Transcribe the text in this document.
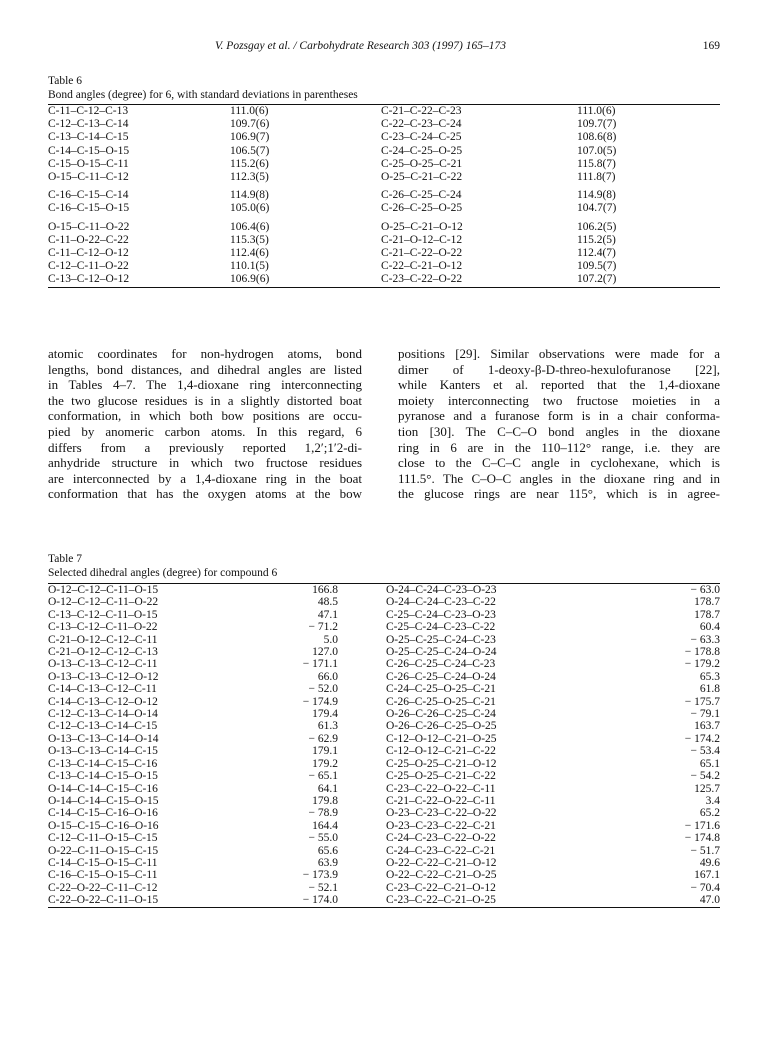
V. Pozsgay et al. / Carbohydrate Research 303 (1997) 165–173	169
Table 6
Bond angles (degree) for 6, with standard deviations in parentheses
C-11–C-12–C-13	111.0(6)	C-21–C-22–C-23	111.0(6)
C-12–C-13–C-14	109.7(6)	C-22–C-23–C-24	109.7(7)
C-13–C-14–C-15	106.9(7)	C-23–C-24–C-25	108.6(8)
C-14–C-15–O-15	106.5(7)	C-24–C-25–O-25	107.0(5)
C-15–O-15–C-11	115.2(6)	C-25–O-25–C-21	115.8(7)
O-15–C-11–C-12	112.3(5)	O-25–C-21–C-22	111.8(7)
C-16–C-15–C-14	114.9(8)	C-26–C-25–C-24	114.9(8)
C-16–C-15–O-15	105.0(6)	C-26–C-25–O-25	104.7(7)
O-15–C-11–O-22	106.4(6)	O-25–C-21–O-12	106.2(5)
C-11–O-22–C-22	115.3(5)	C-21–O-12–C-12	115.2(5)
C-11–C-12–O-12	112.4(6)	C-21–C-22–O-22	112.4(7)
C-12–C-11–O-22	110.1(5)	C-22–C-21–O-12	109.5(7)
C-13–C-12–O-12	106.9(6)	C-23–C-22–O-22	107.2(7)
atomic coordinates for non-hydrogen atoms, bond
lengths, bond distances, and dihedral angles are listed
in Tables 4–7. The 1,4-dioxane ring interconnecting
the two glucose residues is in a slightly distorted boat
conformation, in which both bow positions are occu-
pied by anomeric carbon atoms. In this regard, 6
differs from a previously reported 1,2′;1′2-di-
anhydride structure in which two fructose residues
are interconnected by a 1,4-dioxane ring in the boat
conformation that has the oxygen atoms at the bow
positions [29]. Similar observations were made for a
dimer of 1-deoxy-β-D-threo-hexulofuranose [22],
while Kanters et al. reported that the 1,4-dioxane
moiety interconnecting two fructose moieties in a
pyranose and a furanose form is in a chair conforma-
tion [30]. The C–C–O bond angles in the dioxane
ring in 6 are in the 110–112° range, i.e. they are
close to the C–C–C angle in cyclohexane, which is
111.5°. The C–O–C angles in the dioxane ring and in
the glucose rings are near 115°, which is in agree-
Table 7
Selected dihedral angles (degree) for compound 6
O-12–C-12–C-11–O-15	166.8		O-24–C-24–C-23–O-23	− 63.0
O-12–C-12–C-11–O-22	48.5		O-24–C-24–C-23–C-22	178.7
C-13–C-12–C-11–O-15	47.1		C-25–C-24–C-23–O-23	178.7
C-13–C-12–C-11–O-22	− 71.2		C-25–C-24–C-23–C-22	60.4
C-21–O-12–C-12–C-11	5.0		O-25–C-25–C-24–C-23	− 63.3
C-21–O-12–C-12–C-13	127.0		O-25–C-25–C-24–O-24	− 178.8
O-13–C-13–C-12–C-11	− 171.1		C-26–C-25–C-24–C-23	− 179.2
O-13–C-13–C-12–O-12	66.0		C-26–C-25–C-24–O-24	65.3
C-14–C-13–C-12–C-11	− 52.0		C-24–C-25–O-25–C-21	61.8
C-14–C-13–C-12–O-12	− 174.9		C-26–C-25–O-25–C-21	− 175.7
C-12–C-13–C-14–O-14	179.4		O-26–C-26–C-25–C-24	− 79.1
C-12–C-13–C-14–C-15	61.3		O-26–C-26–C-25–O-25	163.7
O-13–C-13–C-14–O-14	− 62.9		C-12–O-12–C-21–O-25	− 174.2
O-13–C-13–C-14–C-15	179.1		C-12–O-12–C-21–C-22	− 53.4
C-13–C-14–C-15–C-16	179.2		C-25–O-25–C-21–O-12	65.1
C-13–C-14–C-15–O-15	− 65.1		C-25–O-25–C-21–C-22	− 54.2
O-14–C-14–C-15–C-16	64.1		C-23–C-22–O-22–C-11	125.7
O-14–C-14–C-15–O-15	179.8		C-21–C-22–O-22–C-11	3.4
C-14–C-15–C-16–O-16	− 78.9		O-23–C-23–C-22–O-22	65.2
O-15–C-15–C-16–O-16	164.4		O-23–C-23–C-22–C-21	− 171.6
C-12–C-11–O-15–C-15	− 55.0		C-24–C-23–C-22–O-22	− 174.8
O-22–C-11–O-15–C-15	65.6		C-24–C-23–C-22–C-21	− 51.7
C-14–C-15–O-15–C-11	63.9		O-22–C-22–C-21–O-12	49.6
C-16–C-15–O-15–C-11	− 173.9		O-22–C-22–C-21–O-25	167.1
C-22–O-22–C-11–C-12	− 52.1		C-23–C-22–C-21–O-12	− 70.4
C-22–O-22–C-11–O-15	− 174.0		C-23–C-22–C-21–O-25	47.0
